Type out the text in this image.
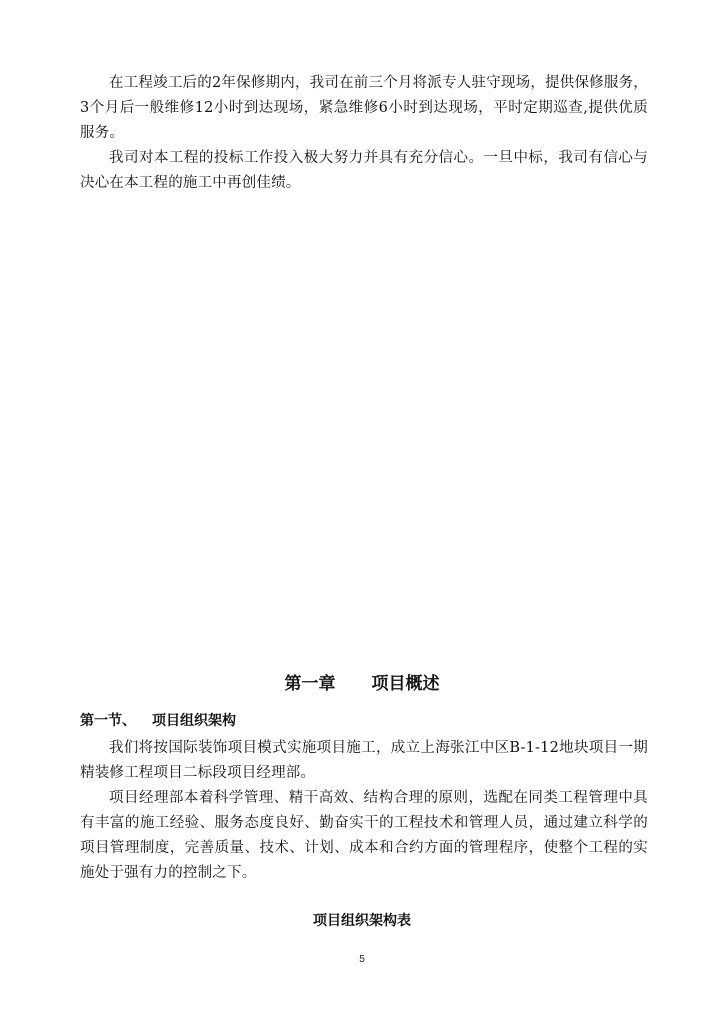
在工程竣工后的2年保修期内，我司在前三个月将派专人驻守现场，提供保修服务，3个月后一般维修12小时到达现场，紧急维修6小时到达现场，平时定期巡查,提供优质服务。

我司对本工程的投标工作投入极大努力并具有充分信心。一旦中标，我司有信心与决心在本工程的施工中再创佳绩。

第一章 项目概述
第一节、 项目组织架构

我们将按国际装饰项目模式实施项目施工，成立上海张江中区B-1-12地块项目一期精装修工程项目二标段项目经理部。

项目经理部本着科学管理、精干高效、结构合理的原则，选配在同类工程管理中具有丰富的施工经验、服务态度良好、勤奋实干的工程技术和管理人员，通过建立科学的项目管理制度，完善质量、技术、计划、成本和合约方面的管理程序，使整个工程的实施处于强有力的控制之下。

项目组织架构表
5
